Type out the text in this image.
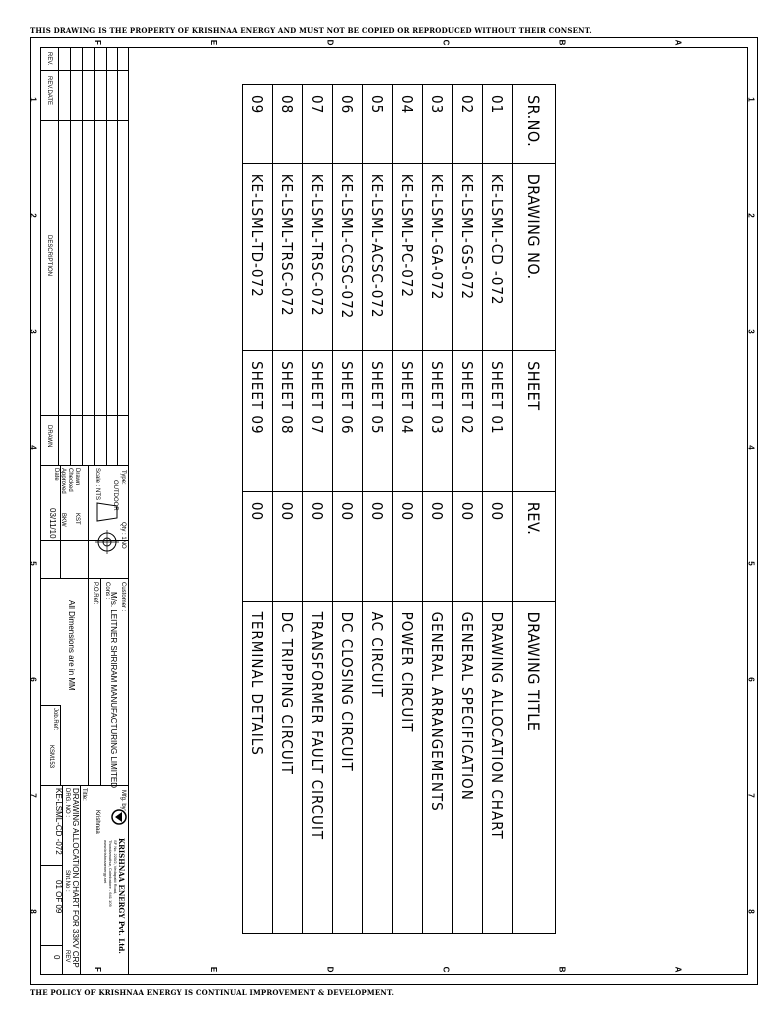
THIS DRAWING IS THE PROPERTY OF KRISHNAA ENERGY AND MUST NOT BE COPIED OR REPRODUCED WITHOUT THEIR CONSENT.
THE POLICY OF KRISHNAA ENERGY IS CONTINUAL IMPROVEMENT & DEVELOPMENT.
F	E	D	C	B	A
F	E	D	C	B	A
1
2
3
4
5
6
7
8
1
2
3
4
5
6
7
8
REV.
REV.DATE
DESCRIPTION
DRAWN
Type:
OUTDOOR
Qty : 1NO
Scale : NTS
Drawn
Checked
Approved
Date
KST
BKW
03/11/10
Customer :
M/s. LEITNER SHRIRAM MANUFACTURING LIMITED
Cons :
P.O.Ref:
All Dimensions are in MM
Job.Ref:
KSM153
Mfg. by:
Krishnaa
KRISHNAA ENERGY Pvt. Ltd.
SF No. 220/2, Vedapatti Road,
Thondamuthur, Coimbatore - 641 109
www.krishnaaenergy.net
Title:
DRAWING ALLOCATION CHART FOR 33KV CRP
DRG. NO :
KE-LSML-CD -072
Sht.No :
01 OF 09
REV
0
SR.NO.	DRAWING NO.	SHEET	REV.	DRAWING TITLE
01	KE-LSML-CD -072	SHEET 01	00	DRAWING ALLOCATION CHART
02	KE-LSML-GS-072	SHEET 02	00	GENERAL SPECIFICATION
03	KE-LSML-GA-072	SHEET 03	00	GENERAL ARRANGEMENTS
04	KE-LSML-PC-072	SHEET 04	00	POWER CIRCUIT
05	KE-LSML-ACSC-072	SHEET 05	00	AC CIRCUIT
06	KE-LSML-CCSC-072	SHEET 06	00	DC CLOSING CIRCUIT
07	KE-LSML-TRSC-072	SHEET 07	00	TRANSFORMER FAULT CIRCUIT
08	KE-LSML-TRSC-072	SHEET 08	00	DC TRIPPING CIRCUIT
09	KE-LSML-TD-072	SHEET 09	00	TERMINAL DETAILS
